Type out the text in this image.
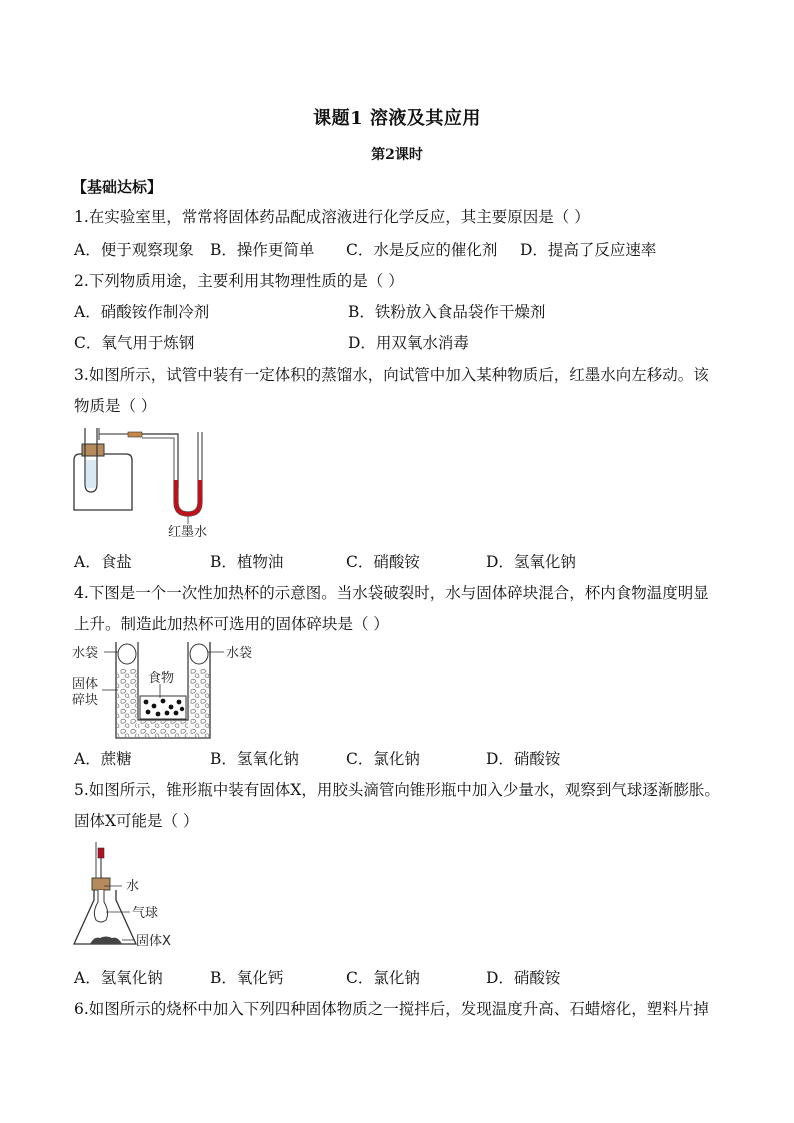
课题1 溶液及其应用
第2课时
【基础达标】
1.在实验室里，常常将固体药品配成溶液进行化学反应，其主要原因是（ ）
A．便于观察现象 B．操作更简单 C．水是反应的催化剂 D．提高了反应速率
2.下列物质用途，主要利用其物理性质的是（ ）
A．硝酸铵作制冷剂	B．铁粉放入食品袋作干燥剂
C．氧气用于炼钢	D．用双氧水消毒
3.如图所示，试管中装有一定体积的蒸馏水，向试管中加入某种物质后，红墨水向左移动。该
物质是（ ）
红墨水
A．食盐	B．植物油	C．硝酸铵	D．氢氧化钠
4.下图是一个一次性加热杯的示意图。当水袋破裂时，水与固体碎块混合，杯内食物温度明显
上升。制造此加热杯可选用的固体碎块是（ ）
水袋	水袋
固体
碎块
食物
A．蔗糖	B．氢氧化钠	C．氯化钠	D．硝酸铵
5.如图所示，锥形瓶中装有固体X，用胶头滴管向锥形瓶中加入少量水，观察到气球逐渐膨胀。
固体X可能是（ ）
水
气球
固体X
A．氢氧化钠	B．氧化钙	C．氯化钠	D．硝酸铵
6.如图所示的烧杯中加入下列四种固体物质之一搅拌后，发现温度升高、石蜡熔化，塑料片掉
